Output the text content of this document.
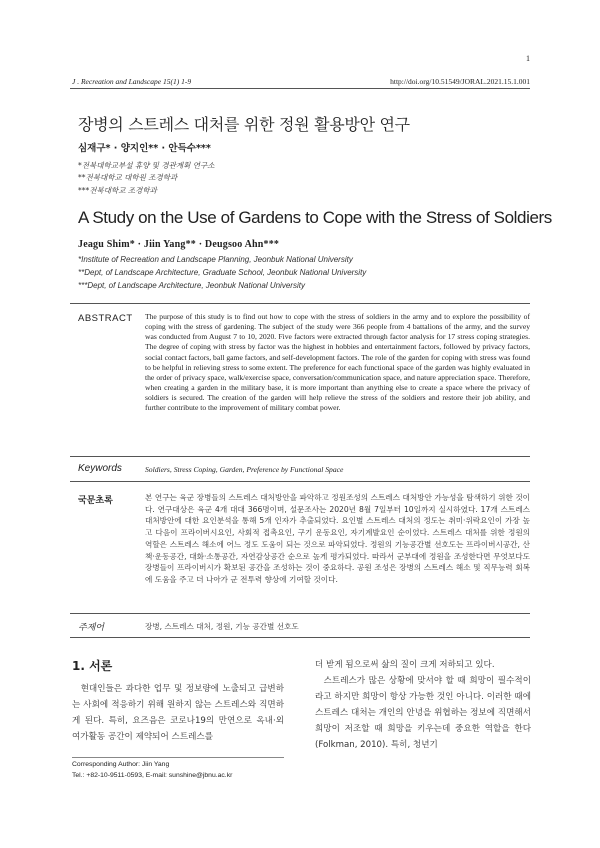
1
J . Recreation and Landscape 15(1) 1-9	http://doi.org/10.51549/JORAL.2021.15.1.001
장병의 스트레스 대처를 위한 정원 활용방안 연구
심재구* · 양지인** · 안득수***
*전북대학교부설 휴양 및 경관계획 연구소
**전북대학교 대학원 조경학과
***전북대학교 조경학과
A Study on the Use of Gardens to Cope with the Stress of Soldiers
Jeagu Shim* · Jiin Yang** · Deugsoo Ahn***
*Institute of Recreation and Landscape Planning, Jeonbuk National University
**Dept, of Landscape Architecture, Graduate School, Jeonbuk National University
***Dept, of Landscape Architecture, Jeonbuk National University
ABSTRACT The purpose of this study is to find out how to cope with the stress of soldiers in the army and to explore the possibility of coping with the stress of gardening. The subject of the study were 366 people from 4 battalions of the army, and the survey was conducted from August 7 to 10, 2020. Five factors were extracted through factor analysis for 17 stress coping strategies. The degree of coping with stress by factor was the highest in hobbies and entertainment factors, followed by privacy factors, social contact factors, ball game factors, and self-development factors. The role of the garden for coping with stress was found to be helpful in relieving stress to some extent. The preference for each functional space of the garden was highly evaluated in the order of privacy space, walk/exercise space, conversation/communication space, and nature appreciation space. Therefore, when creating a garden in the military base, it is more important than anything else to create a space where the privacy of soldiers is secured. The creation of the garden will help relieve the stress of the soldiers and restore their job ability, and further contribute to the improvement of military combat power.
Keywords	Soldiers, Stress Coping, Garden, Preference by Functional Space
국문초록	본 연구는 육군 장병들의 스트레스 대처방안을 파악하고 정원조성의 스트레스 대처방안 가능성을 탐색하기 위한 것이다. 연구대상은 육군 4개 대대 366명이며, 설문조사는 2020년 8월 7일부터 10일까지 실시하였다. 17개 스트레스 대처방안에 대한 요인분석을 통해 5개 인자가 추출되었다. 요인별 스트레스 대처의 정도는 취미·위락요인이 가장 높고 다음이 프라이버시요인, 사회적 접촉요인, 구기 운동요인, 자기계발요인 순이었다. 스트레스 대처를 위한 정원의 역할은 스트레스 해소에 어느 정도 도움이 되는 것으로 파악되었다. 정원의 기능공간별 선호도는 프라이버시공간, 산책·운동공간, 대화·소통공간, 자연감상공간 순으로 높게 평가되었다. 따라서 군부대에 정원을 조성한다면 무엇보다도 장병들이 프라이버시가 확보된 공간을 조성하는 것이 중요하다. 공원 조성은 장병의 스트레스 해소 및 직무능력 회복에 도움을 주고 더 나아가 군 전투력 향상에 기여할 것이다.
주제어	장병, 스트레스 대처, 정원, 기능 공간별 선호도
1. 서론
현대인들은 과다한 업무 및 정보량에 노출되고 급변하는 사회에 적응하기 위해 원하지 않는 스트레스와 직면하게 된다. 특히, 요즈음은 코로나19의 만연으로 옥내·외 여가활동 공간이 제약되어 스트레스를
더 받게 됨으로써 삶의 질이 크게 저하되고 있다.
스트레스가 많은 상황에 맞서야 할 때 희망이 필수적이라고 하지만 희망이 항상 가능한 것인 아니다. 이러한 때에 스트레스 대처는 개인의 안녕을 위협하는 정보에 직면해서 희망이 저조할 때 희망을 키우는데 중요한 역할을 한다(Folkman, 2010). 특히, 청년기
Corresponding Author: Jiin Yang
Tel.: +82-10-9511-0593, E-mail: sunshine@jbnu.ac.kr
